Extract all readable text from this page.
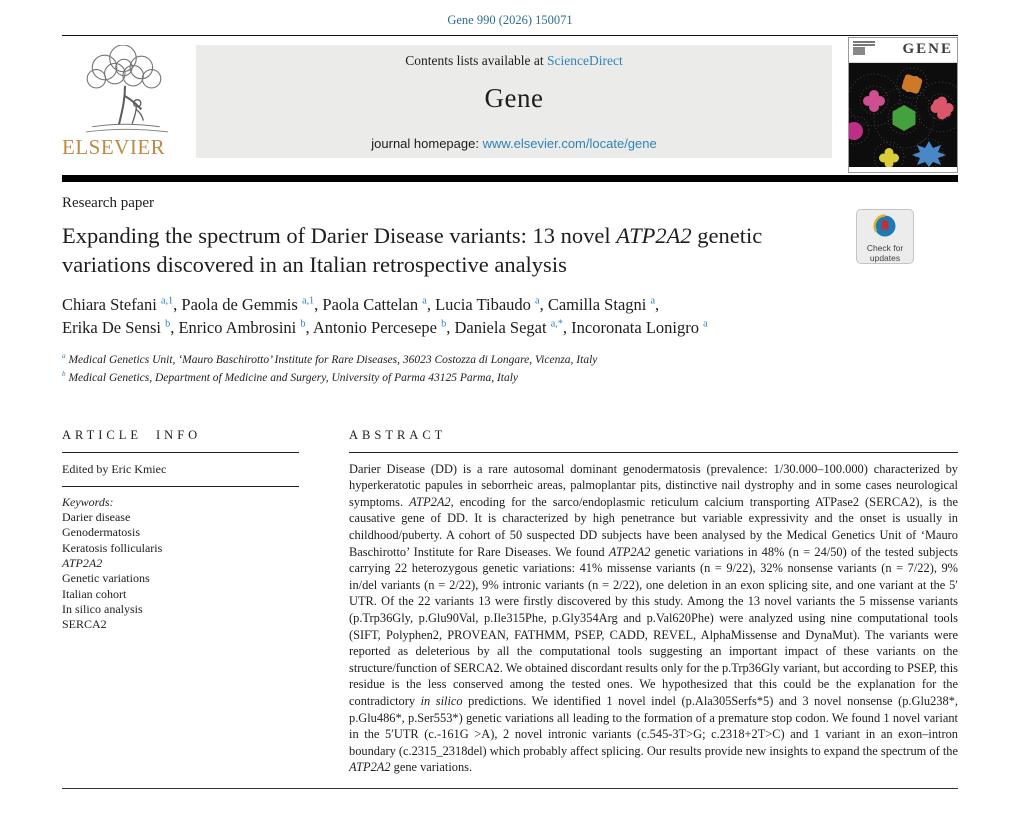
Gene 990 (2026) 150071
ELSEVIER
Contents lists available at ScienceDirect
Gene
journal homepage: www.elsevier.com/locate/gene
GENE
Research paper
Check for
updates
Expanding the spectrum of Darier Disease variants: 13 novel ATP2A2 genetic variations discovered in an Italian retrospective analysis
Chiara Stefani $^{a,1}$, Paola de Gemmis $^{a,1}$, Paola Cattelan $^a$, Lucia Tibaudo $^a$, Camilla Stagni $^a$,
Erika De Sensi $^b$, Enrico Ambrosini $^b$, Antonio Percesepe $^b$, Daniela Segat $^{a,*}$, Incoronata Lonigro $^a$
$^a$ Medical Genetics Unit, ‘Mauro Baschirotto’ Institute for Rare Diseases, 36023 Costozza di Longare, Vicenza, Italy
$^b$ Medical Genetics, Department of Medicine and Surgery, University of Parma 43125 Parma, Italy
ARTICLE INFO
Edited by Eric Kmiec
Keywords:
Darier disease
Genodermatosis
Keratosis follicularis
ATP2A2
Genetic variations
Italian cohort
In silico analysis
SERCA2
ABSTRACT

Darier Disease (DD) is a rare autosomal dominant genodermatosis (prevalence: 1/30.000–100.000) characterized by hyperkeratotic papules in seborrheic areas, palmoplantar pits, distinctive nail dystrophy and in some cases neurological symptoms. ATP2A2, encoding for the sarco/endoplasmic reticulum calcium transporting ATPase2 (SERCA2), is the causative gene of DD. It is characterized by high penetrance but variable expressivity and the onset is usually in childhood/puberty. A cohort of 50 suspected DD subjects have been analysed by the Medical Genetics Unit of ‘Mauro Baschirotto’ Institute for Rare Diseases. We found ATP2A2 genetic variations in 48% (n = 24/50) of the tested subjects carrying 22 heterozygous genetic variations: 41% missense variants (n = 9/22), 32% nonsense variants (n = 7/22), 9% in/del variants (n = 2/22), 9% intronic variants (n = 2/22), one deletion in an exon splicing site, and one variant at the 5′ UTR. Of the 22 variants 13 were firstly discovered by this study. Among the 13 novel variants the 5 missense variants (p.Trp36Gly, p.Glu90Val, p.Ile315Phe, p.Gly354Arg and p.Val620Phe) were analyzed using nine computational tools (SIFT, Polyphen2, PROVEAN, FATHMM, PSEP, CADD, REVEL, AlphaMissense and DynaMut). The variants were reported as deleterious by all the computational tools suggesting an important impact of these variants on the structure/function of SERCA2. We obtained discordant results only for the p.Trp36Gly variant, but according to PSEP, this residue is the less conserved among the tested ones. We hypothesized that this could be the explanation for the contradictory in silico predictions. We identified 1 novel indel (p.Ala305Serfs*5) and 3 novel nonsense (p.Glu238*, p.Glu486*, p.Ser553*) genetic variations all leading to the formation of a premature stop codon. We found 1 novel variant in the 5′UTR (c.-161G >A), 2 novel intronic variants (c.545-3T>G; c.2318+2T>C) and 1 variant in an exon–intron boundary (c.2315_2318del) which probably affect splicing. Our results provide new insights to expand the spectrum of the ATP2A2 gene variations.
